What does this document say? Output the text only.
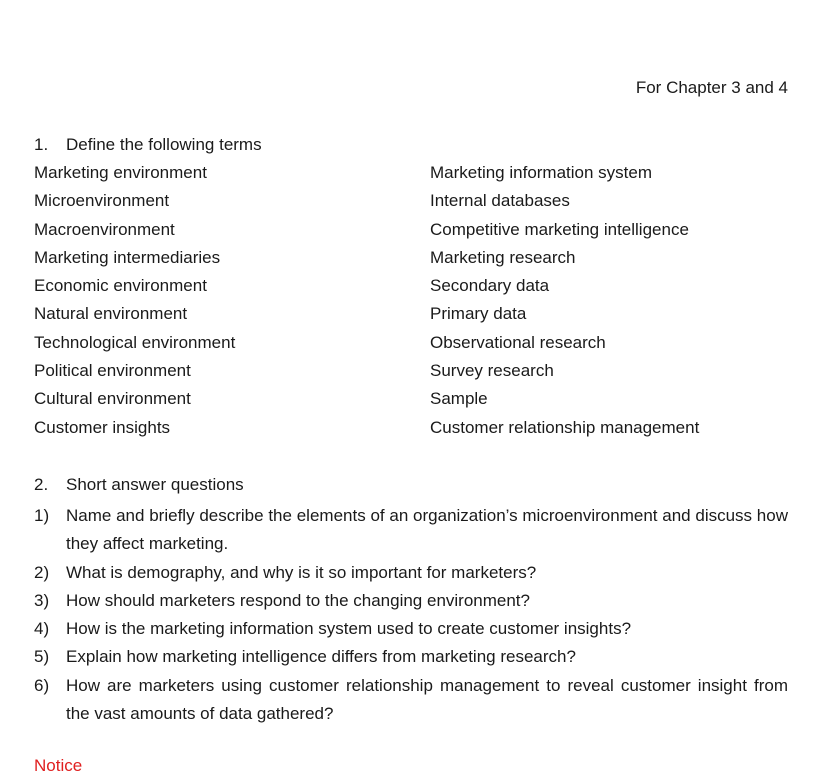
For Chapter 3 and 4
1.	Define the following terms
Marketing environment	Marketing information system
Microenvironment	Internal databases
Macroenvironment	Competitive marketing intelligence
Marketing intermediaries	Marketing research
Economic environment	Secondary data
Natural environment	Primary data
Technological environment	Observational research
Political environment	Survey research
Cultural environment	Sample
Customer insights	Customer relationship management
2.	Short answer questions
1) Name and briefly describe the elements of an organization’s microenvironment and discuss how they affect marketing.
2) What is demography, and why is it so important for marketers?
3) How should marketers respond to the changing environment?
4) How is the marketing information system used to create customer insights?
5) Explain how marketing intelligence differs from marketing research?
6) How are marketers using customer relationship management to reveal customer insight from the vast amounts of data gathered?
Notice
